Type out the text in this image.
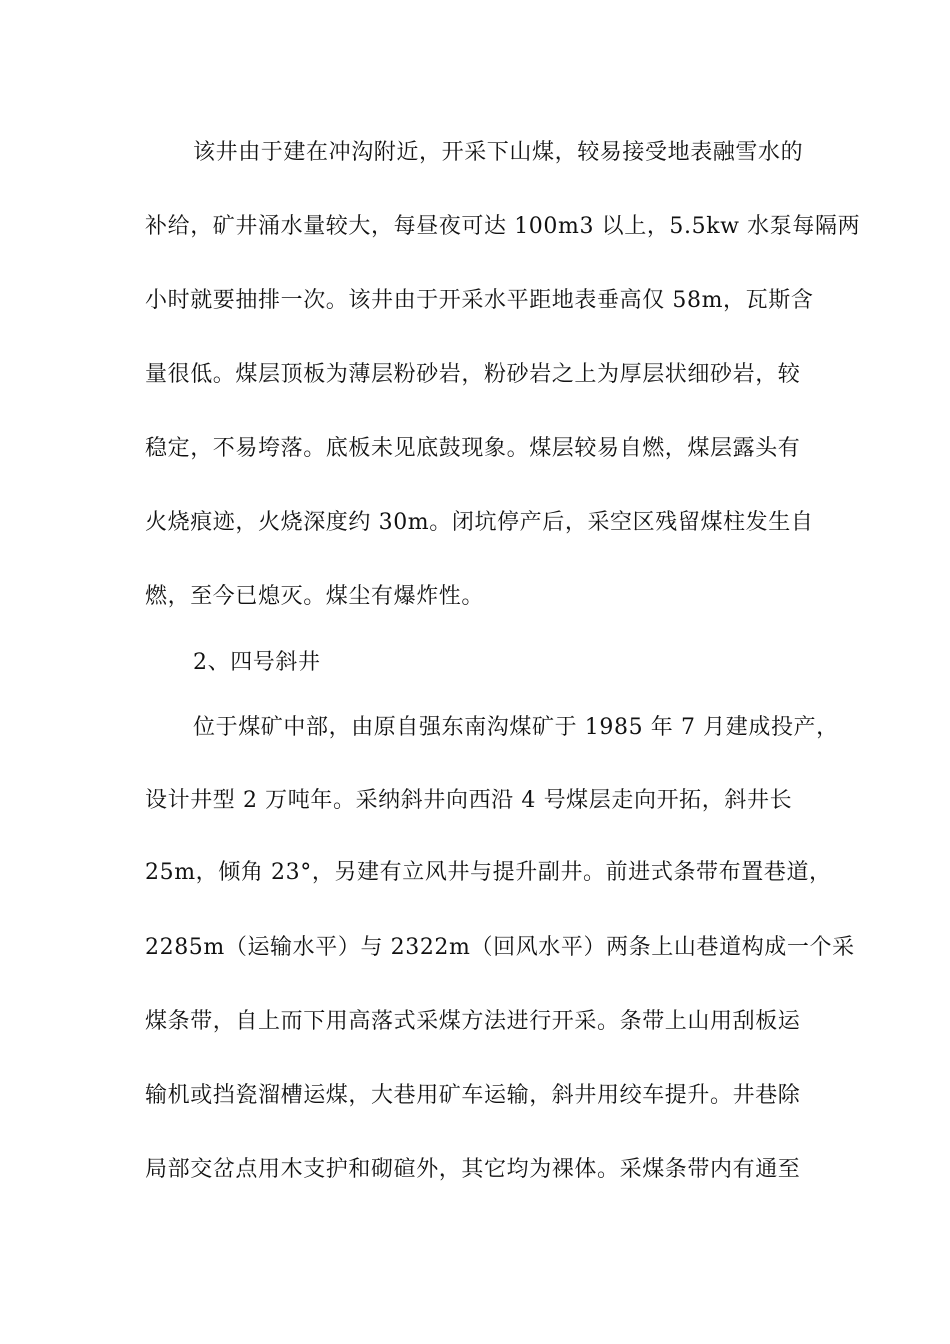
该井由于建在冲沟附近，开采下山煤，较易接受地表融雪水的
补给，矿井涌水量较大，每昼夜可达 100m3 以上，5.5kw 水泵每隔两
小时就要抽排一次。该井由于开采水平距地表垂高仅 58m，瓦斯含
量很低。煤层顶板为薄层粉砂岩，粉砂岩之上为厚层状细砂岩，较
稳定，不易垮落。底板未见底鼓现象。煤层较易自燃，煤层露头有
火烧痕迹，火烧深度约 30m。闭坑停产后，采空区残留煤柱发生自
燃，至今已熄灭。煤尘有爆炸性。
2、四号斜井
位于煤矿中部，由原自强东南沟煤矿于 1985 年 7 月建成投产，
设计井型 2 万吨年。采纳斜井向西沿 4 号煤层走向开拓，斜井长
25m，倾角 23°，另建有立风井与提升副井。前进式条带布置巷道，
2285m（运输水平）与 2322m（回风水平）两条上山巷道构成一个采
煤条带，自上而下用高落式采煤方法进行开采。条带上山用刮板运
输机或挡瓷溜槽运煤，大巷用矿车运输，斜井用绞车提升。井巷除
局部交岔点用木支护和砌碹外，其它均为裸体。采煤条带内有通至
